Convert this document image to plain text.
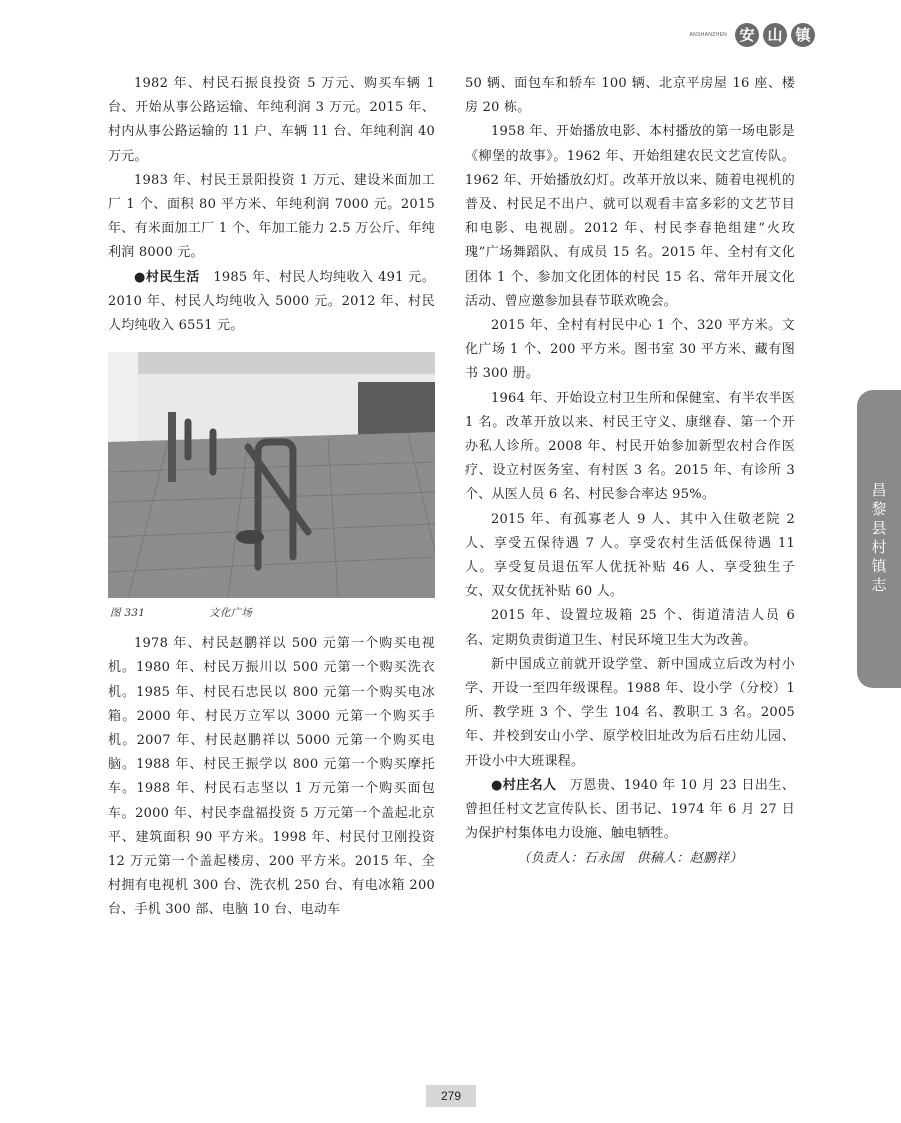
ANSHANZHEN 安 山 镇

1982 年、村民石振良投资 5 万元、购买车辆 1 台、开始从事公路运输、年纯利润 3 万元。2015 年、村内从事公路运输的 11 户、车辆 11 台、年纯利润 40 万元。

1983 年、村民王景阳投资 1 万元、建设米面加工厂 1 个、面积 80 平方米、年纯利润 7000 元。2015 年、有米面加工厂 1 个、年加工能力 2.5 万公斤、年纯利润 8000 元。

●村民生活　 1985 年、村民人均纯收入 491 元。2010 年、村民人均纯收入 5000 元。2012 年、村民人均纯收入 6551 元。

图 331	文化广场

1978 年、村民赵鹏祥以 500 元第一个购买电视机。1980 年、村民万振川以 500 元第一个购买洗衣机。1985 年、村民石忠民以 800 元第一个购买电冰箱。2000 年、村民万立军以 3000 元第一个购买手机。2007 年、村民赵鹏祥以 5000 元第一个购买电脑。1988 年、村民王振学以 800 元第一个购买摩托车。1988 年、村民石志坚以 1 万元第一个购买面包车。2000 年、村民李盘福投资 5 万元第一个盖起北京平、建筑面积 90 平方米。1998 年、村民付卫刚投资 12 万元第一个盖起楼房、200 平方米。2015 年、全村拥有电视机 300 台、洗衣机 250 台、有电冰箱 200 台、手机 300 部、电脑 10 台、电动车

50 辆、面包车和轿车 100 辆、北京平房屋 16 座、楼房 20 栋。

1958 年、开始播放电影、本村播放的第一场电影是《柳堡的故事》。1962 年、开始组建农民文艺宣传队。1962 年、开始播放幻灯。改革开放以来、随着电视机的普及、村民足不出户、就可以观看丰富多彩的文艺节目和电影、电视剧。2012 年、村民李春艳组建“火玫瑰”广场舞蹈队、有成员 15 名。2015 年、全村有文化团体 1 个、参加文化团体的村民 15 名、常年开展文化活动、曾应邀参加县春节联欢晚会。

2015 年、全村有村民中心 1 个、320 平方米。文化广场 1 个、200 平方米。图书室 30 平方米、藏有图书 300 册。

1964 年、开始设立村卫生所和保健室、有半农半医 1 名。改革开放以来、村民王守义、康继春、第一个开办私人诊所。2008 年、村民开始参加新型农村合作医疗、设立村医务室、有村医 3 名。2015 年、有诊所 3 个、从医人员 6 名、村民参合率达 95%。

2015 年、有孤寡老人 9 人、其中入住敬老院 2 人、享受五保待遇 7 人。享受农村生活低保待遇 11 人。享受复员退伍军人优抚补贴 46 人、享受独生子女、双女优抚补贴 60 人。

2015 年、设置垃圾箱 25 个、街道清洁人员 6 名、定期负责街道卫生、村民环境卫生大为改善。

新中国成立前就开设学堂、新中国成立后改为村小学、开设一至四年级课程。1988 年、设小学（分校）1 所、教学班 3 个、学生 104 名、教职工 3 名。2005 年、并校到安山小学、原学校旧址改为后石庄幼儿园、开设小中大班课程。

●村庄名人　 万恩贵、1940 年 10 月 23 日出生、曾担任村文艺宣传队长、团书记、1974 年 6 月 27 日为保护村集体电力设施、触电牺牲。

（负责人：石永国　供稿人：赵鹏祥）

昌黎县村镇志
279
